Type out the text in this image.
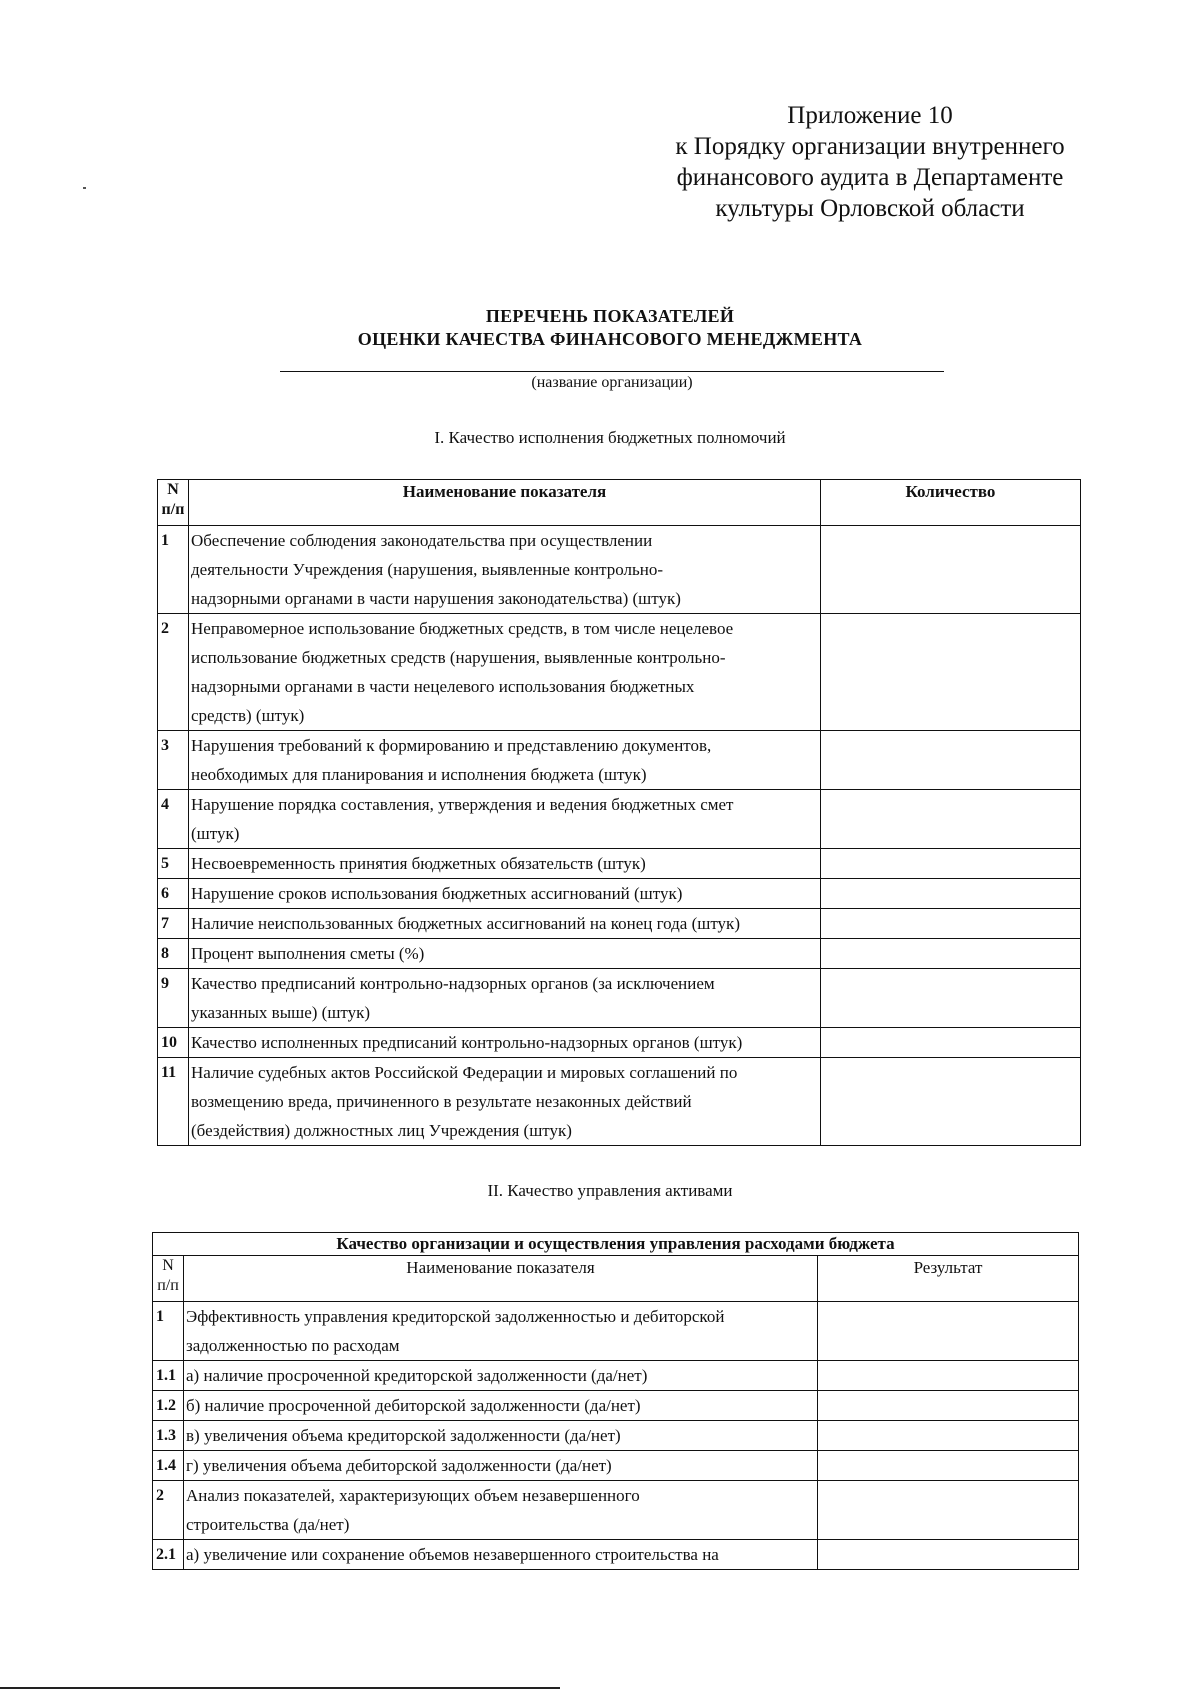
Приложение 10
к Порядку организации внутреннего
финансового аудита в Департаменте
культуры Орловской области
ПЕРЕЧЕНЬ ПОКАЗАТЕЛЕЙ
ОЦЕНКИ КАЧЕСТВА ФИНАНСОВОГО МЕНЕДЖМЕНТА
(название организации)
I. Качество исполнения бюджетных полномочий
N п/п	Наименование показателя	Количество
1	Обеспечение соблюдения законодательства при осуществлении
деятельности Учреждения (нарушения, выявленные контрольно-
надзорными органами в части нарушения законодательства) (штук)	

2	Неправомерное использование бюджетных средств, в том числе нецелевое
использование бюджетных средств (нарушения, выявленные контрольно-
надзорными органами в части нецелевого использования бюджетных
средств) (штук)	

3	Нарушения требований к формированию и представлению документов,
необходимых для планирования и исполнения бюджета (штук)	

4	Нарушение порядка составления, утверждения и ведения бюджетных смет
(штук)	

5	Несвоевременность принятия бюджетных обязательств (штук)	

6	Нарушение сроков использования бюджетных ассигнований (штук)	

7	Наличие неиспользованных бюджетных ассигнований на конец года (штук)	

8	Процент выполнения сметы (%)	

9	Качество предписаний контрольно-надзорных органов (за исключением
указанных выше) (штук)	

10	Качество исполненных предписаний контрольно-надзорных органов (штук)	

11	Наличие судебных актов Российской Федерации и мировых соглашений по
возмещению вреда, причиненного в результате незаконных действий
(бездействия) должностных лиц Учреждения (штук)	

II. Качество управления активами
Качество организации и осуществления управления расходами бюджета		
N п/п	Наименование показателя	Результат
1	Эффективность управления кредиторской задолженностью и дебиторской
задолженностью по расходам	

1.1	а) наличие просроченной кредиторской задолженности (да/нет)	

1.2	б) наличие просроченной дебиторской задолженности (да/нет)	

1.3	в) увеличения объема кредиторской задолженности (да/нет)	

1.4	г) увеличения объема дебиторской задолженности (да/нет)	

2	Анализ показателей, характеризующих объем незавершенного
строительства (да/нет)	

2.1	а) увеличение или сохранение объемов незавершенного строительства на	
